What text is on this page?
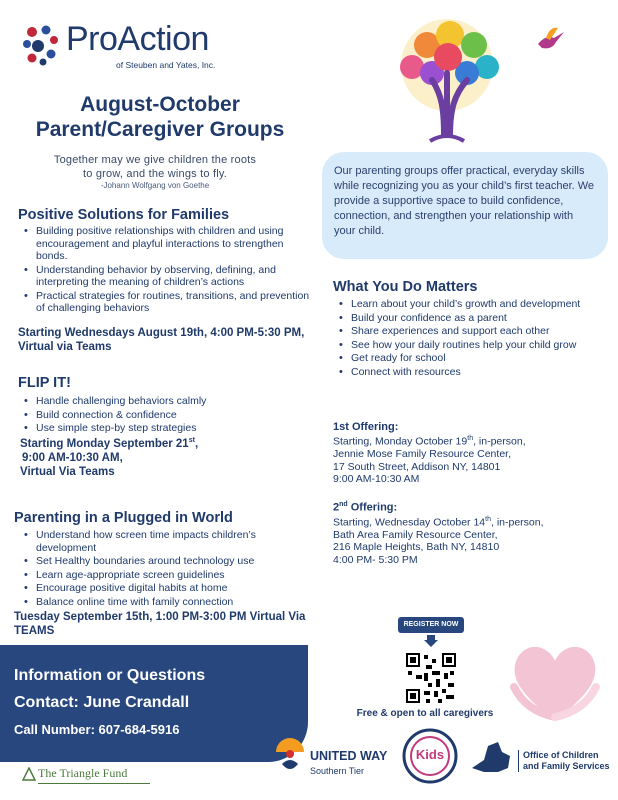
ProAction
of Steuben and Yates, Inc.
August-October
Parent/Caregiver Groups
Together may we give children the roots
to grow, and the wings to fly.
-Johann Wolfgang von Goethe
Our parenting groups offer practical, everyday skills while recognizing you as your child’s first teacher. We provide a supportive space to build confidence, connection, and strengthen your relationship with your child.
Positive Solutions for Families
• Building positive relationships with children and using encouragement and playful interactions to strengthen bonds.
• Understanding behavior by observing, defining, and interpreting the meaning of children’s actions
• Practical strategies for routines, transitions, and prevention of challenging behaviors
Starting Wednesdays August 19th, 4:00 PM-5:30 PM, Virtual via Teams
FLIP IT!
• Handle challenging behaviors calmly
• Build connection & confidence
• Use simple step-by step strategies
Starting Monday September 21st,
9:00 AM-10:30 AM,
Virtual Via Teams
Parenting in a Plugged in World
• Understand how screen time impacts children’s development
• Set Healthy boundaries around technology use
• Learn age-appropriate screen guidelines
• Encourage positive digital habits at home
• Balance online time with family connection
Tuesday September 15th, 1:00 PM-3:00 PM Virtual Via TEAMS
What You Do Matters
• Learn about your child’s growth and development
• Build your confidence as a parent
• Share experiences and support each other
• See how your daily routines help your child grow
• Get ready for school
• Connect with resources
1st Offering:
Starting, Monday October 19th, in-person,
Jennie Mose Family Resource Center,
17 South Street, Addison NY, 14801
9:00 AM-10:30 AM
2nd Offering:
Starting, Wednesday October 14th, in-person,
Bath Area Family Resource Center,
216 Maple Heights, Bath NY, 14810
4:00 PM- 5:30 PM
Information or Questions
Contact: June Crandall
Call Number: 607-684-5916
The Triangle Fund
REGISTER NOW
Free & open to all caregivers
UNITED WAY
Southern Tier
Kids	Office of Children
and Family Services
